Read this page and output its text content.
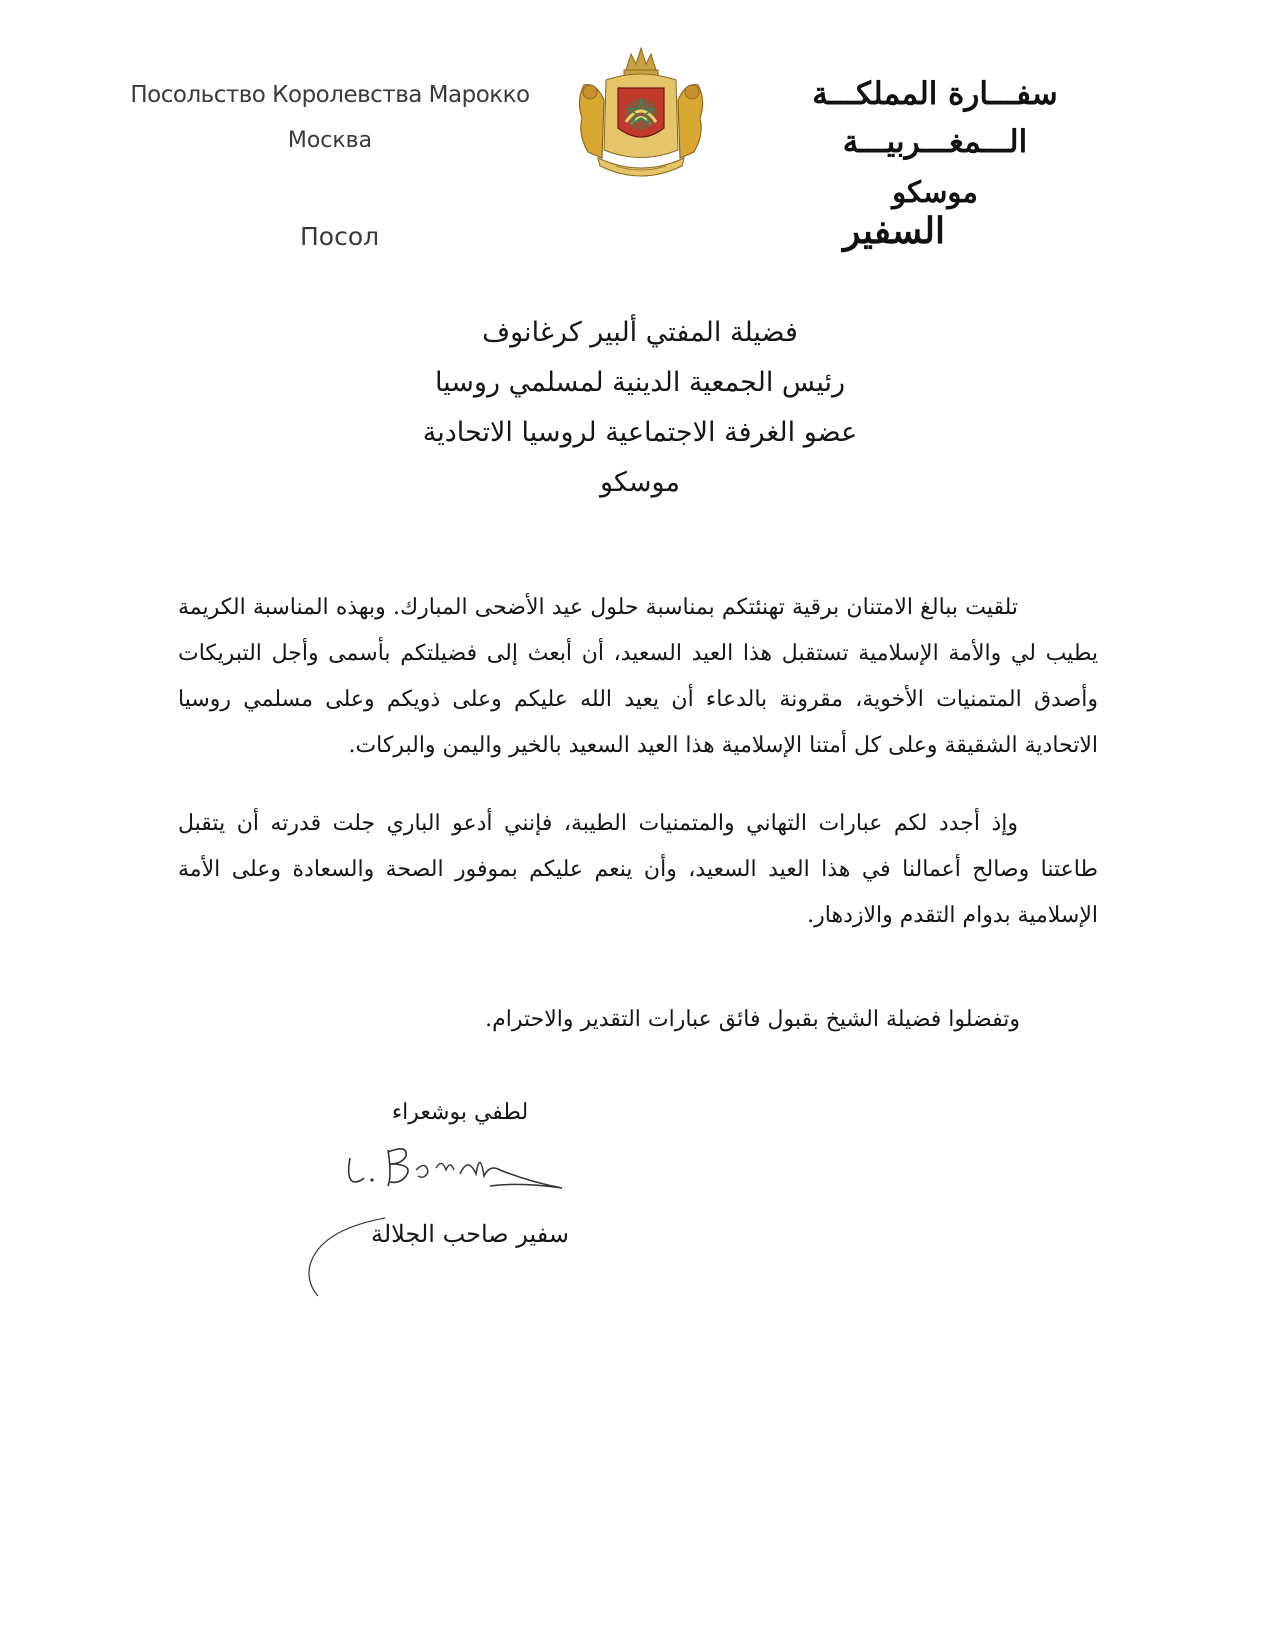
Посольство Королевства Марокко
Москва
Посол
سفـــارة المملكـــة الـــمغـــربيـــة
موسكو
السفير
فضيلة المفتي ألبير كرغانوف
رئيس الجمعية الدينية لمسلمي روسيا
عضو الغرفة الاجتماعية لروسيا الاتحادية
موسكو

تلقيت ببالغ الامتنان برقية تهنئتكم بمناسبة حلول عيد الأضحى المبارك. وبهذه المناسبة الكريمة يطيب لي والأمة الإسلامية تستقبل هذا العيد السعيد، أن أبعث إلى فضيلتكم بأسمى وأجل التبريكات وأصدق المتمنيات الأخوية، مقرونة بالدعاء أن يعيد الله عليكم وعلى ذويكم وعلى مسلمي روسيا الاتحادية الشقيقة وعلى كل أمتنا الإسلامية هذا العيد السعيد بالخير واليمن والبركات.

وإذ أجدد لكم عبارات التهاني والمتمنيات الطيبة، فإنني أدعو الباري جلت قدرته أن يتقبل طاعتنا وصالح أعمالنا في هذا العيد السعيد، وأن ينعم عليكم بموفور الصحة والسعادة وعلى الأمة الإسلامية بدوام التقدم والازدهار.

وتفضلوا فضيلة الشيخ بقبول فائق عبارات التقدير والاحترام.
لطفي بوشعراء
سفير صاحب الجلالة
